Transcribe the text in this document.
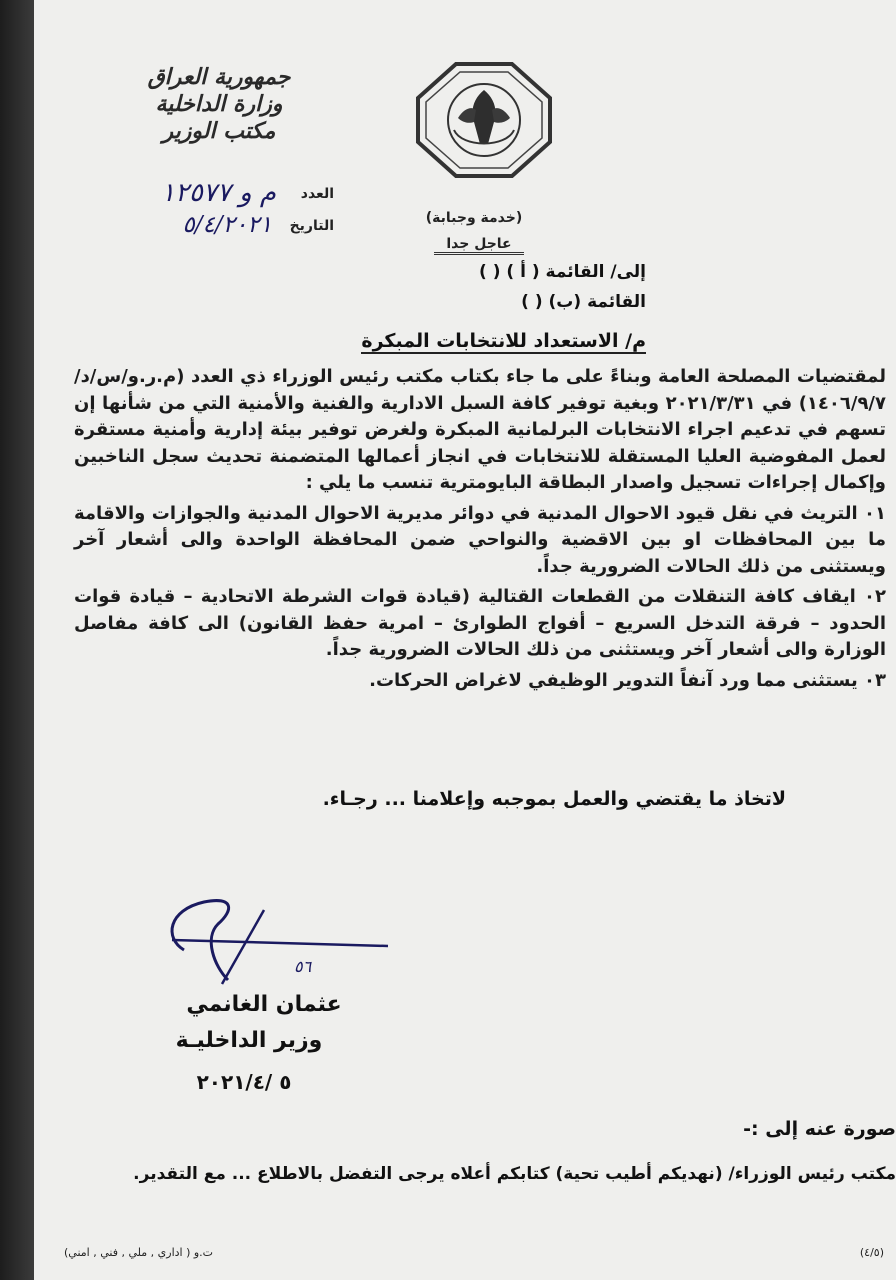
جمهورية العراق
وزارة الداخلية
مكتب الوزير
العدد
م و ١٢٥٧٧
التاريخ
٥/٤/٢٠٢١	(خدمة وجبابة)
عاجل جدا
إلى/ القائمة ( أ ) ( )
القائمة (ب) ( )
م/ الاستعداد للانتخابات المبكرة

لمقتضيات المصلحة العامة وبناءً على ما جاء بكتاب مكتب رئيس الوزراء ذي العدد (م.ر.و/س/د/١٤٠٦/٩/٧) في ٢٠٢١/٣/٣١ وبغية توفير كافة السبل الادارية والفنية والأمنية التي من شأنها إن تسهم في تدعيم اجراء الانتخابات البرلمانية المبكرة ولغرض توفير بيئة إدارية وأمنية مستقرة لعمل المفوضية العليا المستقلة للانتخابات في انجاز أعمالها المتضمنة تحديث سجل الناخبين وإكمال إجراءات تسجيل واصدار البطاقة البايومترية تنسب ما يلي :

٠١ التريث في نقل قيود الاحوال المدنية في دوائر مديرية الاحوال المدنية والجوازات والاقامة ما بين المحافظات او بين الاقضية والنواحي ضمن المحافظة الواحدة والى أشعار آخر ويستثنى من ذلك الحالات الضرورية جداً.

٠٢ ايقاف كافة التنقلات من القطعات القتالية (قيادة قوات الشرطة الاتحادية – قيادة قوات الحدود – فرقة التدخل السريع – أفواج الطوارئ – امرية حفظ القانون) الى كافة مفاصل الوزارة والى أشعار آخر ويستثنى من ذلك الحالات الضرورية جداً.

٠٣ يستثنى مما ورد آنفاً التدوير الوظيفي لاغراض الحركات.

لاتخاذ ما يقتضي والعمل بموجبه وإعلامنا ... رجـاء.
٥٦
عثمان الغانمي
وزير الداخليـة
٥ /٢٠٢١/٤
صورة عنه إلى :-
مكتب رئيس الوزراء/ (نهديكم أطيب تحية) كتابكم أعلاه يرجى التفضل بالاطلاع ... مع التقدير.
ت.و ( اداري , ملي , فني , امني)	(٤/٥)
